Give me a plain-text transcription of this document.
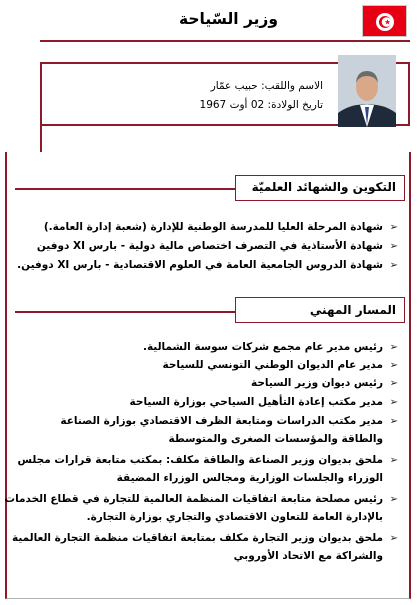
وزير السّياحة
الاسم واللقب: حبيب عمّار
تاريخ الولادة: 02 أوت 1967
التكوين والشهائد العلميّة
➢
شهادة المرحلة العليا للمدرسة الوطنية للإدارة (شعبة إدارة العامة.)
➢
شهادة الأستاذية في التصرف اختصاص مالية دولية - بارس XI دوفين
➢
شهادة الدروس الجامعية العامة في العلوم الاقتصادية - بارس XI دوفين.
المسار المهني
➢
رئيس مدير عام مجمع شركات سوسة الشمالية.
➢
مدير عام الديوان الوطني التونسي للسياحة
➢
رئيس ديوان وزير السياحة
➢
مدير مكتب إعادة التأهيل السياحي بوزارة السياحة
➢
مدير مكتب الدراسات ومتابعة الظرف الاقتصادي بوزارة الصناعة
والطاقة والمؤسسات الصغرى والمتوسطة
➢
ملحق بديوان وزير الصناعة والطاقة مكلف: بمكتب متابعة قرارات مجلس
الوزراء والجلسات الوزارية ومجالس الوزراء المضيقة
➢
رئيس مصلحة متابعة اتفاقيات المنظمة العالمية للتجارة في قطاع الخدمات
بالإدارة العامة للتعاون الاقتصادي والتجاري بوزارة التجارة.
➢
ملحق بديوان وزير التجارة مكلف بمتابعة اتفاقيات منظمة التجارة العالمية
والشراكة مع الاتحاد الأوروبي
